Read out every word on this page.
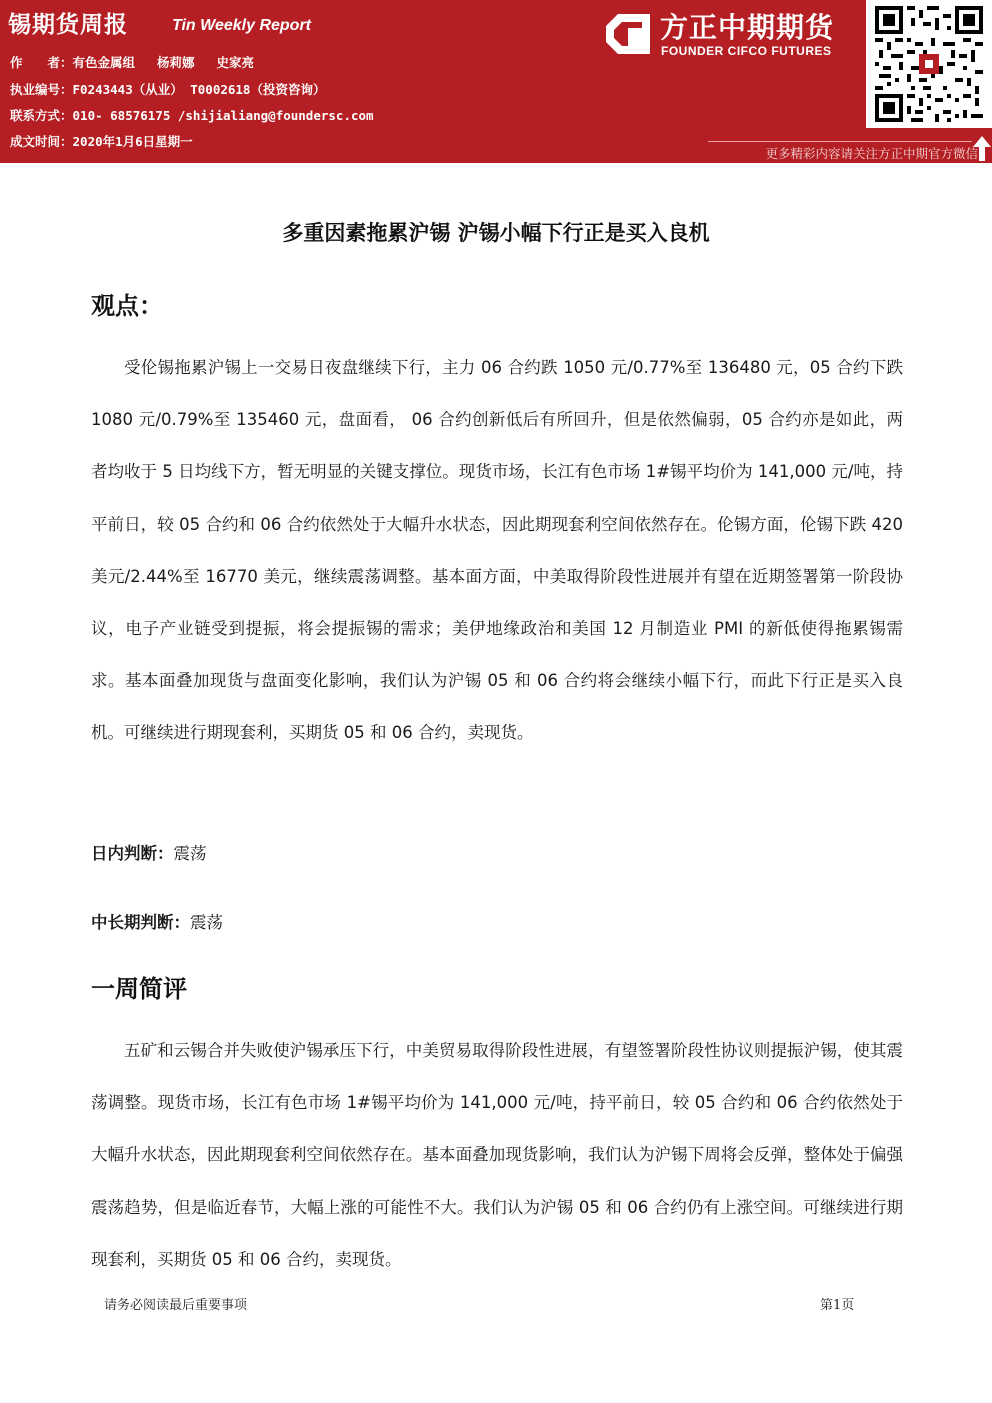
锡期货周报	Tin Weekly Report
作　　者：有色金属组 杨莉娜 史家亮
执业编号：F0243443（从业） T0002618（投资咨询）
联系方式：010- 68576175 /shijialiang@foundersc.com
成文时间：2020年1月6日星期一
方正中期期货
FOUNDER CIFCO FUTURES
更多精彩内容请关注方正中期官方微信
多重因素拖累沪锡 沪锡小幅下行正是买入良机
观点：
受伦锡拖累沪锡上一交易日夜盘继续下行，主力 06 合约跌 1050 元/0.77%至 136480 元，05 合约下跌 1080 元/0.79%至 135460 元，盘面看， 06 合约创新低后有所回升，但是依然偏弱，05 合约亦是如此，两者均收于 5 日均线下方，暂无明显的关键支撑位。现货市场，长江有色市场 1#锡平均价为 141,000 元/吨，持平前日，较 05 合约和 06 合约依然处于大幅升水状态，因此期现套利空间依然存在。伦锡方面，伦锡下跌 420 美元/2.44%至 16770 美元，继续震荡调整。基本面方面，中美取得阶段性进展并有望在近期签署第一阶段协议，电子产业链受到提振，将会提振锡的需求；美伊地缘政治和美国 12 月制造业 PMI 的新低使得拖累锡需求。基本面叠加现货与盘面变化影响，我们认为沪锡 05 和 06 合约将会继续小幅下行，而此下行正是买入良机。可继续进行期现套利，买期货 05 和 06 合约，卖现货。
日内判断：震荡
中长期判断：震荡
一周简评
五矿和云锡合并失败使沪锡承压下行，中美贸易取得阶段性进展，有望签署阶段性协议则提振沪锡，使其震荡调整。现货市场，长江有色市场 1#锡平均价为 141,000 元/吨，持平前日，较 05 合约和 06 合约依然处于大幅升水状态，因此期现套利空间依然存在。基本面叠加现货影响，我们认为沪锡下周将会反弹，整体处于偏强震荡趋势，但是临近春节，大幅上涨的可能性不大。我们认为沪锡 05 和 06 合约仍有上涨空间。可继续进行期现套利，买期货 05 和 06 合约，卖现货。
请务必阅读最后重要事项	第1页
